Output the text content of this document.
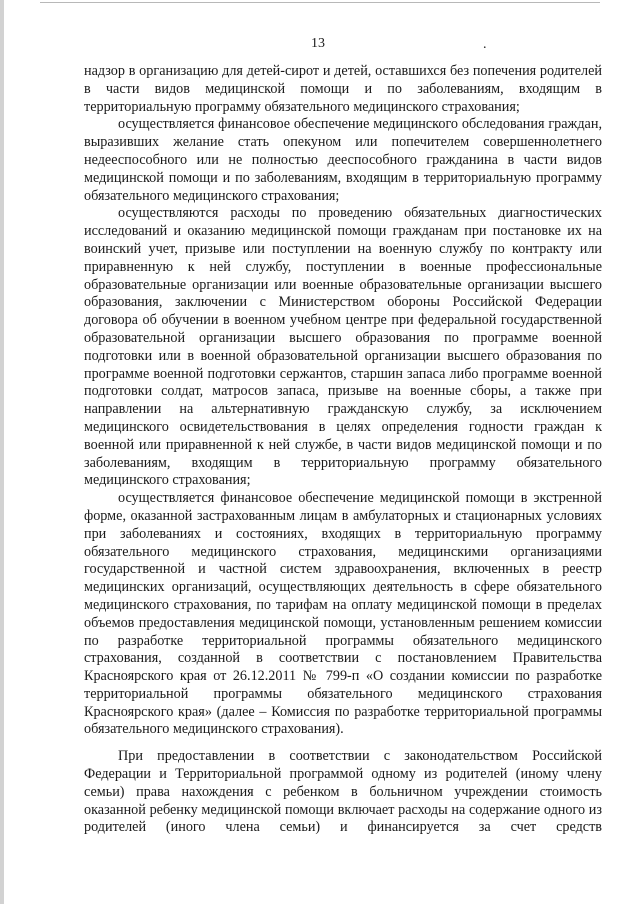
13	.

надзор в организацию для детей-сирот и детей, оставшихся без попечения родителей в части видов медицинской помощи и по заболеваниям, входящим в территориальную программу обязательного медицинского страхования;

осуществляется финансовое обеспечение медицинского обследования граждан, выразивших желание стать опекуном или попечителем совершеннолетнего недееспособного или не полностью дееспособного гражданина в части видов медицинской помощи и по заболеваниям, входящим в территориальную программу обязательного медицинского страхования;

осуществляются расходы по проведению обязательных диагностических исследований и оказанию медицинской помощи гражданам при постановке их на воинский учет, призыве или поступлении на военную службу по контракту или приравненную к ней службу, поступлении в военные профессиональные образовательные организации или военные образовательные организации высшего образования, заключении с Министерством обороны Российской Федерации договора об обучении в военном учебном центре при федеральной государственной образовательной организации высшего образования по программе военной подготовки или в военной образовательной организации высшего образования по программе военной подготовки сержантов, старшин запаса либо программе военной подготовки солдат, матросов запаса, призыве на военные сборы, а также при направлении на альтернативную гражданскую службу, за исключением медицинского освидетельствования в целях определения годности граждан к военной или приравненной к ней службе, в части видов медицинской помощи и по заболеваниям, входящим в территориальную программу обязательного медицинского страхования;

осуществляется финансовое обеспечение медицинской помощи в экстренной форме, оказанной застрахованным лицам в амбулаторных и стационарных условиях при заболеваниях и состояниях, входящих в территориальную программу обязательного медицинского страхования, медицинскими организациями государственной и частной систем здравоохранения, включенных в реестр медицинских организаций, осуществляющих деятельность в сфере обязательного медицинского страхования, по тарифам на оплату медицинской помощи в пределах объемов предоставления медицинской помощи, установленным решением комиссии по разработке территориальной программы обязательного медицинского страхования, созданной в соответствии с постановлением Правительства Красноярского края от 26.12.2011 № 799-п «О создании комиссии по разработке территориальной программы обязательного медицинского страхования Красноярского края» (далее – Комиссия по разработке территориальной программы обязательного медицинского страхования).

При предоставлении в соответствии с законодательством Российской Федерации и Территориальной программой одному из родителей (иному члену семьи) права нахождения с ребенком в больничном учреждении стоимость оказанной ребенку медицинской помощи включает расходы на содержание одного из родителей (иного члена семьи) и финансируется за счет средств
